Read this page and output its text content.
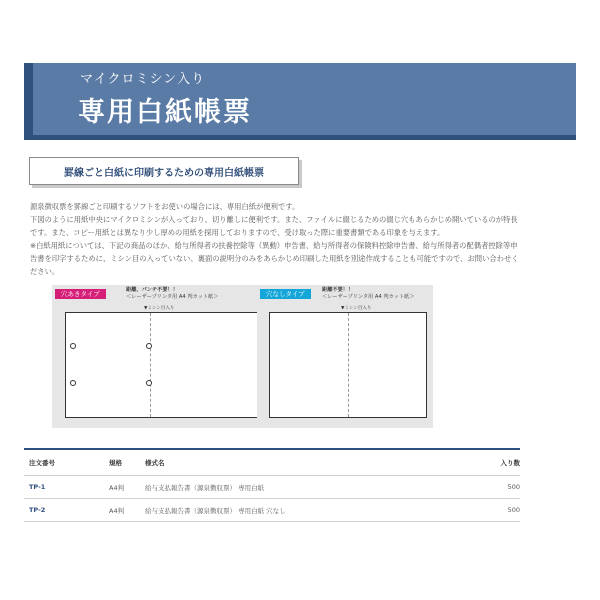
マイクロミシン入り
専用白紙帳票
罫線ごと白紙に印刷するための専用白紙帳票

源泉徴収票を罫線ごと印刷するソフトをお使いの場合には、専用白紙が便利です。

下図のように用紙中央にマイクロミシンが入っており、切り離しに便利です。また、ファイルに綴じるための綴じ穴もあらかじめ開いているのが特長

です。また、コピー用紙とは異なり少し厚めの用紙を採用しておりますので、受け取った際に重要書類である印象を与えます。

※白紙用紙については、下記の商品のほか、給与所得者の扶養控除等（異動）申告書、給与所得者の保険料控除申告書、給与所得者の配偶者控除等申

告書を印字するために、ミシン目の入っていない、裏面の説明分のみをあらかじめ印刷した用紙を別途作成することも可能ですので、お問い合わせく

ださい。

穴あきタイプ	距離、パンチ不要！！
＜レーザープリンタ用 A4 判カット紙＞
▼ミシン目入り
穴なしタイプ	距離不要！！
＜レーザープリンタ用 A4 判カット紙＞
▼ミシン目入り
注文番号	規格	様式名	入り数
TP-1	A4判	給与支払報告書（源泉徴収票） 専用白紙	500
TP-2	A4判	給与支払報告書（源泉徴収票） 専用白紙 穴なし	500
